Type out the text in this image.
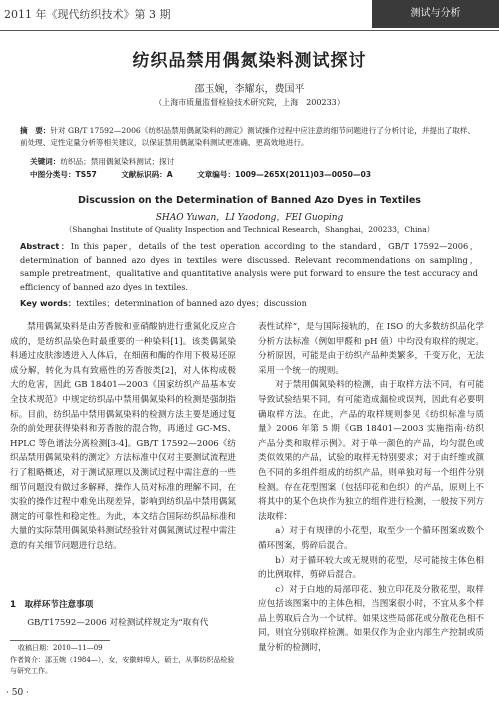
2011 年《现代纺织技术》第 3 期	测试与分析
纺织品禁用偶氮染料测试探讨
邵玉婉，李耀东，费国平
（上海市质量监督检验技术研究院，上海　200233）
摘　要：针对 GB/T 17592—2006《纺织品禁用偶氮染料的测定》测试操作过程中应注意的细节问题进行了分析讨论，并提出了取样、前处理、定性定量分析等相关建议，以保证禁用偶氮染料测试更准确、更高效地进行。
关键词：纺织品；禁用偶氮染料测试；探讨
中图分类号：TS57	文献标识码：A	文章编号：1009—265X(2011)03—0050—03
Discussion on the Determination of Banned Azo Dyes in Textiles
SHAO Yuwan，LI Yaodong，FEI Guoping
（Shanghai Institute of Quality Inspection and Technical Research，Shanghai，200233，China）
Abstract：In this paper，details of the test operation according to the standard，GB/T 17592—2006，determination of banned azo dyes in textiles were discussed. Relevant recommendations on sampling，sample pretreatment，qualitative and quantitative analysis were put forward to ensure the test accuracy and efficiency of banned azo dyes in textiles.
Key words：textiles；determination of banned azo dyes；discussion

禁用偶氮染料是由芳香胺和亚硝酸钠进行重氮化反应合成的，是纺织品染色时最重要的一种染料[1]。该类偶氮染料通过皮肤渗透进入人体后，在细菌和酶的作用下极易还原成分解，转化为具有致癌性的芳香胺类[2]，对人体构成极大的危害，因此 GB 18401—2003《国家纺织产品基本安全技术规范》中规定纺织品中禁用偶氮染料的检测是强制指标。目前，纺织品中禁用偶氮染料的检测方法主要是通过复杂的前处理获得染料和芳香胺的混合物，再通过 GC-MS、HPLC 等色谱法分离检测[3-4]。GB/T 17592—2006《纺织品禁用偶氮染料的测定》方法标准中仅对主要测试流程进行了粗略概述，对于测试原理以及测试过程中需注意的一些细节问题没有做过多解释，操作人员对标准的理解不同，在实验的操作过程中难免出现差异，影响到纺织品中禁用偶氮测定的可靠性和稳定性。为此，本文结合国际纺织品标准和大量的实际禁用偶氮染料测试经验针对偶氮测试过程中需注意的有关细节问题进行总结。

1　取样环节注意事项
GB/T17592—2006 对检测试样规定为“取有代
收稿日期：2010—11—09
作者简介：邵玉婉（1984—），女，安徽蚌埠人，硕士，从事纺织品检验与研究工作。

表性试样”，是与国际接轨的，在 ISO 的大多数纺织品化学分析方法标准（例如甲醛和 pH 值）中均没有取样的规定。分析原因，可能是由于纺织产品种类繁多，千变万化，无法采用一个统一的规则。

对于禁用偶氮染料的检测，由于取样方法不同，有可能导致试验结果不同，有可能造成漏检或误判，因此有必要明确取样方法。在此，产品的取样规则参见《纺织标准与质量》2006 年第 5 期《GB 18401—2003 实施指南·纺织产品分类和取样示例》。对于单一颜色的产品，均匀混色或类似效果的产品，试验的取样无特别要求；对于由纤维或颜色不同的多组件组成的纺织产品，则单独对每一个组件分别检测。存在花型图案（包括印花和色织）的产品，原则上不将其中的某个色块作为独立的组件进行检测，一般按下列方法取样：

a）对于有规律的小花型，取至少一个循环图案或数个循环图案，剪碎后混合。

b）对于循环较大或无规则的花型，尽可能按主体色相的比例取样，剪碎后混合。

c）对于白地的局部印花、独立印花及分散花型，取样应包括该图案中的主体色相，当图案很小时，不宜从多个样品上剪取后合为一个试样。如果这些局部花或分散花色相不同，则宜分别取样检测。如果仅作为企业内部生产控制或质量分析的检测时，

· 50 ·
